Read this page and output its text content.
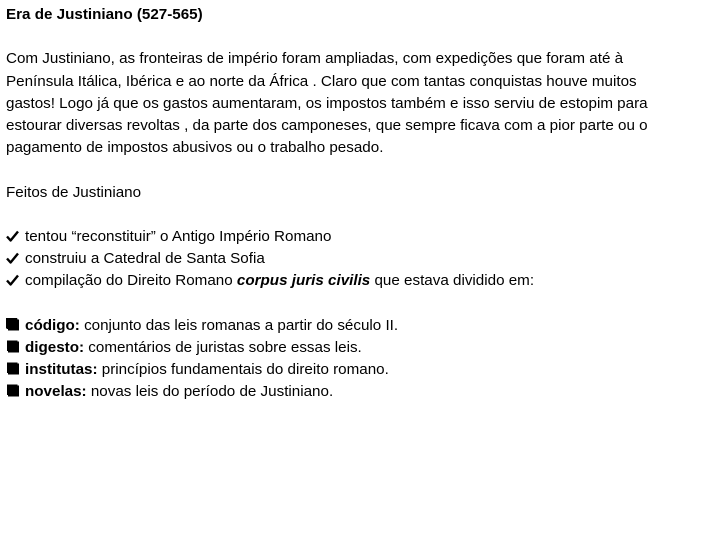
Era de Justiniano (527-565)

Com Justiniano, as fronteiras de império foram ampliadas, com expedições que foram até à
Península Itálica, Ibérica e ao norte da África . Claro que com tantas conquistas houve muitos
gastos! Logo já que os gastos aumentaram, os impostos também e isso serviu de estopim para
estourar diversas revoltas , da parte dos camponeses, que sempre ficava com a pior parte ou o
pagamento de impostos abusivos ou o trabalho pesado.

Feitos de Justiniano

tentou “reconstituir” o Antigo Império Romano
construiu a Catedral de Santa Sofia
compilação do Direito Romano corpus juris civilis que estava dividido em:
código: conjunto das leis romanas a partir do século II.
digesto: comentários de juristas sobre essas leis.
institutas: princípios fundamentais do direito romano.
novelas: novas leis do período de Justiniano.
